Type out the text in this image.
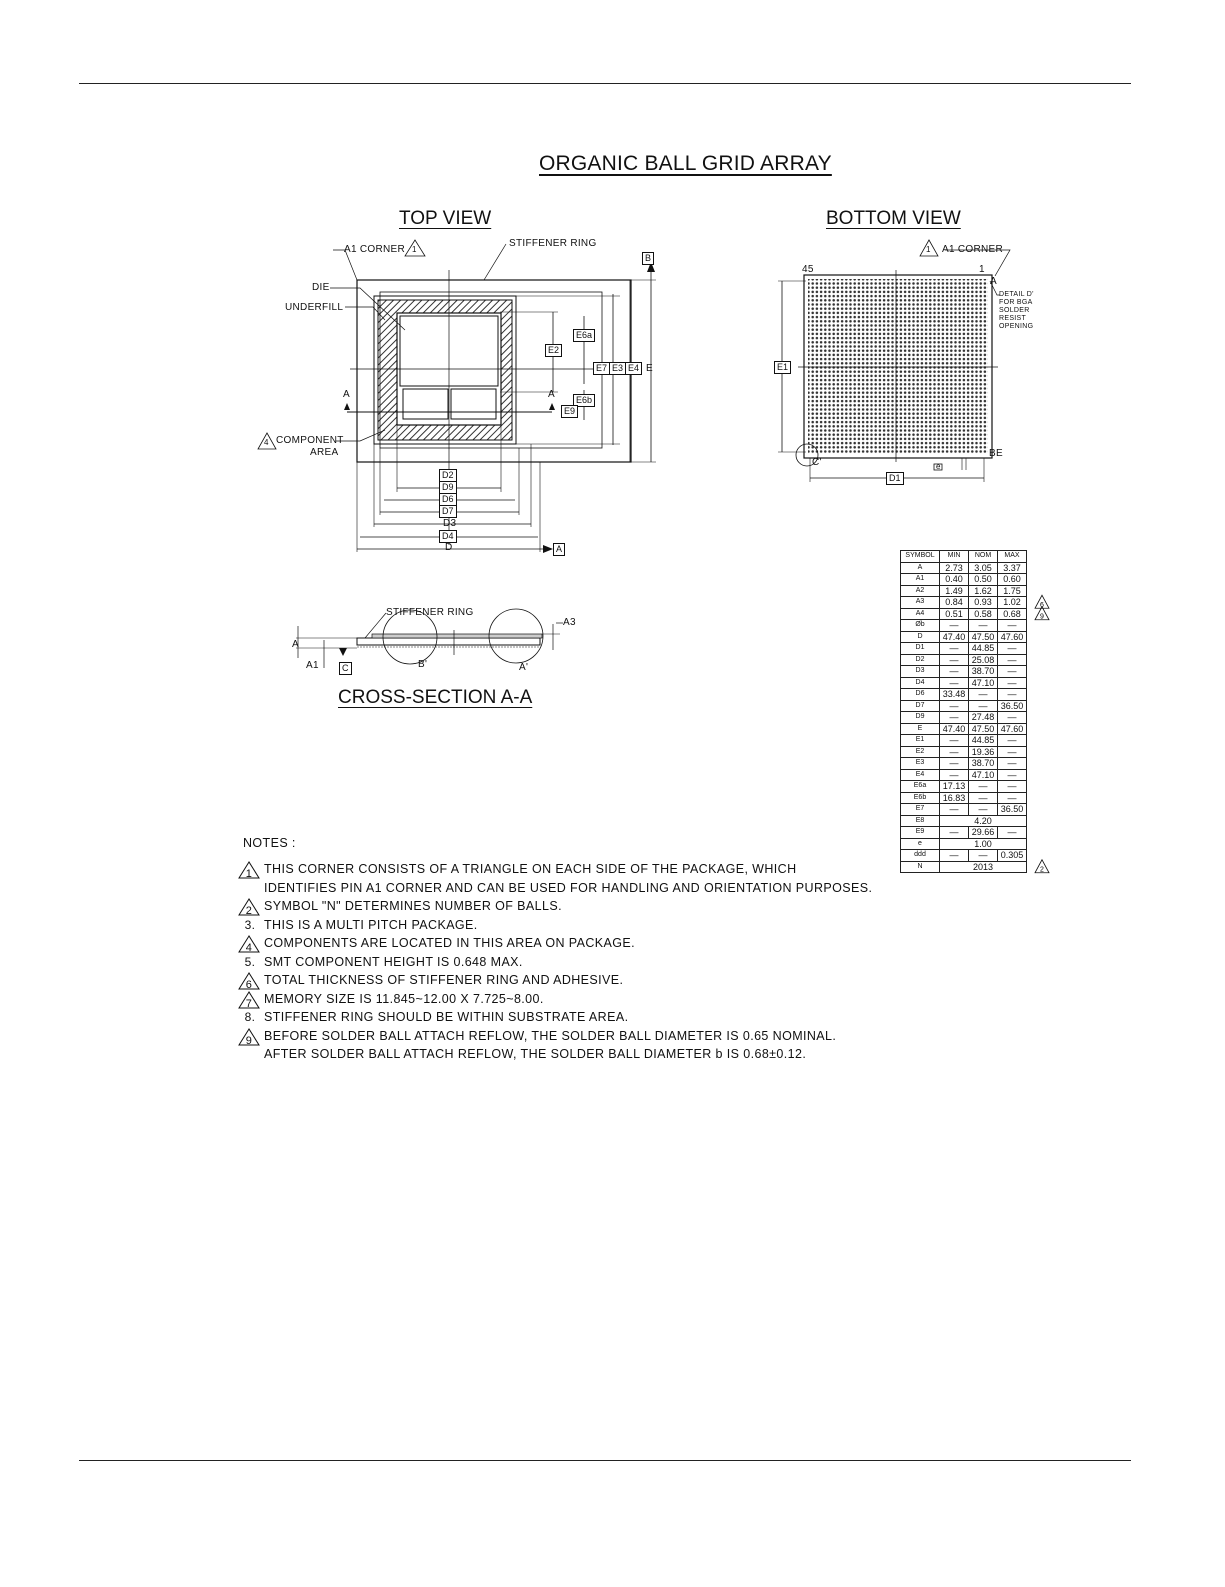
ORGANIC BALL GRID ARRAY
TOP VIEW
A1 CORNER 1
STIFFENER RING
DIE
UNDERFILL
4 COMPONENT
AREA
A	A
B
A
E6a
E6b
E2
E9
E7 E3 E4 E
D2
D9
D6
D7
D3
D4
D
BOTTOM VIEW
1 A1 CORNER
45	1
A
BE
DETAIL D'
FOR BGA
SOLDER
RESIST
OPENING
E1
D1
e
C'
STIFFENER RING
A3
A
A1	C	B'	A'
CROSS-SECTION A-A
SYMBOL	MIN	NOM	MAX
A	2.73	3.05	3.37
A1	0.40	0.50	0.60
A2	1.49	1.62	1.75
A3	0.84	0.93	1.02
A4	0.51	0.58	0.68
Øb	—	—	—
D	47.40	47.50	47.60
D1	—	44.85	—
D2	—	25.08	—
D3	—	38.70	—
D4	—	47.10	—
D6	33.48	—	—
D7	—	—	36.50
D9	—	27.48	—
E	47.40	47.50	47.60
E1	—	44.85	—
E2	—	19.36	—
E3	—	38.70	—
E4	—	47.10	—
E6a	17.13	—	—
E6b	16.83	—	—
E7	—	—	36.50
E8	4.20		
E9	—	29.66	—
e	1.00		
ddd	—	—	0.305
N	2013		
6
9
2
NOTES :
1 THIS CORNER CONSISTS OF A TRIANGLE ON EACH SIDE OF THE PACKAGE, WHICH
IDENTIFIES PIN A1 CORNER AND CAN BE USED FOR HANDLING AND ORIENTATION PURPOSES.
2 SYMBOL "N" DETERMINES NUMBER OF BALLS.
3. THIS IS A MULTI PITCH PACKAGE.
4 COMPONENTS ARE LOCATED IN THIS AREA ON PACKAGE.
5. SMT COMPONENT HEIGHT IS 0.648 MAX.
6 TOTAL THICKNESS OF STIFFENER RING AND ADHESIVE.
7 MEMORY SIZE IS 11.845~12.00 X 7.725~8.00.
8. STIFFENER RING SHOULD BE WITHIN SUBSTRATE AREA.
9 BEFORE SOLDER BALL ATTACH REFLOW, THE SOLDER BALL DIAMETER IS 0.65 NOMINAL.
AFTER SOLDER BALL ATTACH REFLOW, THE SOLDER BALL DIAMETER b IS 0.68±0.12.
